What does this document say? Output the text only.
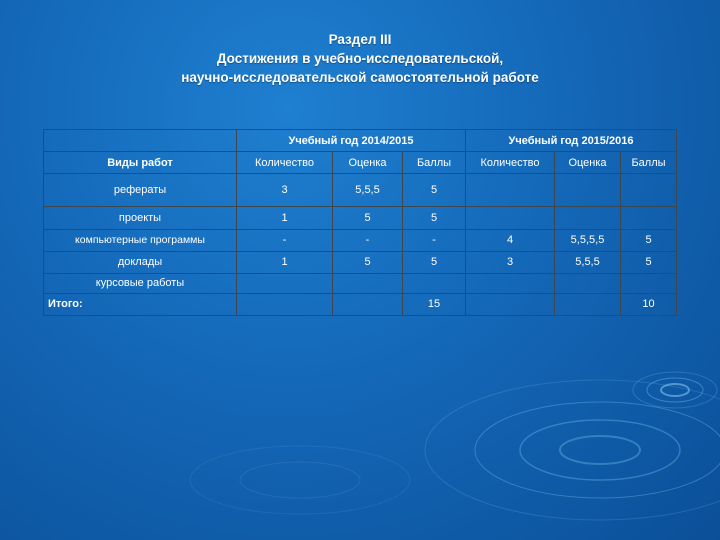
Раздел III
Достижения в учебно-исследовательской,
научно-исследовательской самостоятельной работе
	Учебный год 2014/2015			Учебный год 2015/2016		
Виды работ	Количество	Оценка	Баллы	Количество	Оценка	Баллы
рефераты	3	5,5,5	5			
проекты	1	5	5			
компьютерные программы	-	-	-	4	5,5,5,5	5
доклады	1	5	5	3	5,5,5	5
курсовые работы						
Итого:			15			10
